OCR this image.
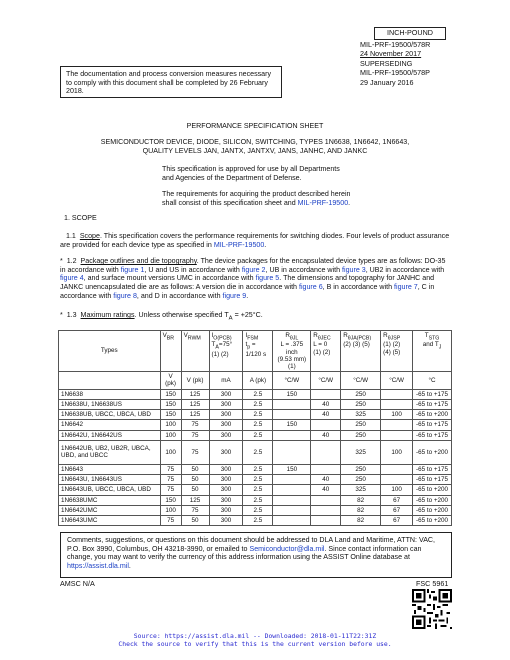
The documentation and process conversion measures necessary to comply with this document shall be completed by 26 February 2018.
INCH-POUND
MIL-PRF-19500/578R
24 November 2017
SUPERSEDING
MIL-PRF-19500/578P
29 January 2016
PERFORMANCE SPECIFICATION SHEET
SEMICONDUCTOR DEVICE, DIODE, SILICON, SWITCHING, TYPES 1N6638, 1N6642, 1N6643,
QUALITY LEVELS JAN, JANTX, JANTXV, JANS, JANHC, AND JANKC
This specification is approved for use by all Departments
and Agencies of the Department of Defense.
The requirements for acquiring the product described herein
shall consist of this specification sheet and MIL-PRF-19500.
1. SCOPE

1.1 Scope. This specification covers the performance requirements for switching diodes. Four levels of product assurance are provided for each device type as specified in MIL-PRF-19500.

* 1.2 Package outlines and die topography. The device packages for the encapsulated device types are as follows: DO-35 in accordance with figure 1, U and US in accordance with figure 2, UB in accordance with figure 3, UB2 in accordance with figure 4, and surface mount versions UMC in accordance with figure 5. The dimensions and topography for JANHC and JANKC unencapsulated die are as follows: A version die in accordance with figure 6, B in accordance with figure 7, C in accordance with figure 8, and D in accordance with figure 9.

* 1.3 Maximum ratings. Unless otherwise specified $T_A = +25^\circ C$.
Types	$V_{BR}$	$V_{RWM}$	$I_{O(PCB)}$
$T_A=75^\circ$
(1) (2)	$I_{FSM}$
$t_p$ =
1/120 s	$R_{\theta JL}$
L = .375 inch
(9.53 mm)
(1)	$R_{\theta JEC}$
L = 0
(1) (2)	$R_{\theta JA(PCB)}$
(2) (3) (5)	$R_{\theta JSP}$
(1) (2)
(4) (5)	$T_{STG}$
and $T_J$
	V (pk)	V (pk)	mA	A (pk)	°C/W	°C/W	°C/W	°C/W	°C
1N6638	150	125	300	2.5	150		250		-65 to +175
1N6638U, 1N6638US	150	125	300	2.5		40	250		-65 to +175
1N6638UB, UBCC, UBCA, UBD	150	125	300	2.5		40	325	100	-65 to +200
1N6642	100	75	300	2.5	150		250		-65 to +175
1N6642U, 1N6642US	100	75	300	2.5		40	250		-65 to +175
1N6642UB, UB2, UB2R, UBCA, UBD, and UBCC	100	75	300	2.5			325	100	-65 to +200
1N6643	75	50	300	2.5	150		250		-65 to +175
1N6643U, 1N6643US	75	50	300	2.5		40	250		-65 to +175
1N6643UB, UBCC, UBCA, UBD	75	50	300	2.5		40	325	100	-65 to +200
1N6638UMC	150	125	300	2.5			82	67	-65 to +200
1N6642UMC	100	75	300	2.5			82	67	-65 to +200
1N6643UMC	75	50	300	2.5			82	67	-65 to +200
Comments, suggestions, or questions on this document should be addressed to DLA Land and Maritime, ATTN: VAC, P.O. Box 3990, Columbus, OH 43218-3990, or emailed to Semiconductor@dla.mil. Since contact information can change, you may want to verify the currency of this address information using the ASSIST Online database at https://assist.dla.mil.
AMSC N/A	FSC 5961
Source: https://assist.dla.mil -- Downloaded: 2018-01-11T22:31Z
Check the source to verify that this is the current version before use.
